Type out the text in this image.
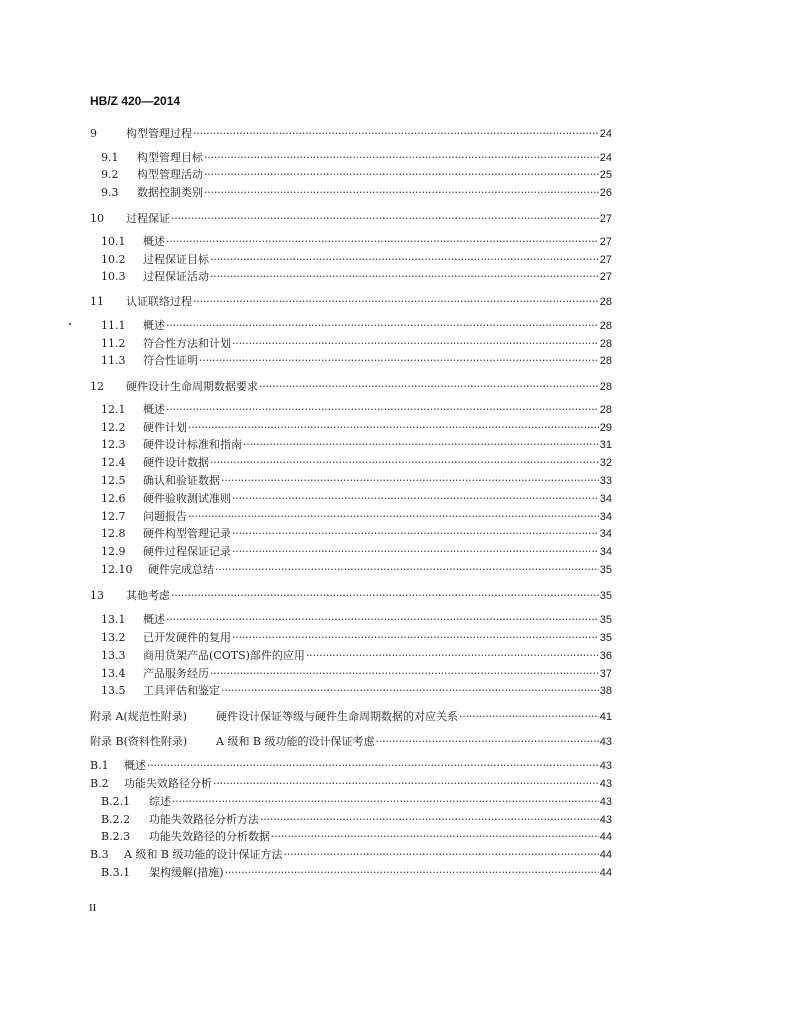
HB/Z 420—2014
9	构型管理过程 ·····	24
9.1	构型管理目标 ·····	24
9.2	构型管理活动 ·····	25
9.3	数据控制类别 ·····	26
10	过程保证 ·····	27
10.1	概述 ·····	27
10.2	过程保证目标 ·····	27
10.3	过程保证活动 ·····	27
11	认证联络过程 ·····	28
11.1	概述 ·····	28
11.2	符合性方法和计划 ·····	28
11.3	符合性证明 ·····	28
12	硬件设计生命周期数据要求 ·····	28
12.1	概述 ·····	28
12.2	硬件计划 ·····	29
12.3	硬件设计标准和指南 ·····	31
12.4	硬件设计数据 ·····	32
12.5	确认和验证数据 ·····	33
12.6	硬件验收测试准则 ·····	34
12.7	问题报告 ·····	34
12.8	硬件构型管理记录 ·····	34
12.9	硬件过程保证记录 ·····	34
12.10	硬件完成总结 ·····	35
13	其他考虑 ·····	35
13.1	概述 ·····	35
13.2	已开发硬件的复用 ·····	35
13.3	商用货架产品(COTS)部件的应用 ·····	36
13.4	产品服务经历 ·····	37
13.5	工具评估和鉴定 ·····	38
附录 A(规范性附录)	硬件设计保证等级与硬件生命周期数据的对应关系 ·····	41
附录 B(资料性附录)	A 级和 B 级功能的设计保证考虑 ·····	43
B.1	概述 ·····	43
B.2	功能失效路径分析 ·····	43
B.2.1	综述 ·····	43
B.2.2	功能失效路径分析方法 ·····	43
B.2.3	功能失效路径的分析数据 ·····	44
B.3	A 级和 B 级功能的设计保证方法 ·····	44
B.3.1	架构缓解(措施) ·····	44
II
